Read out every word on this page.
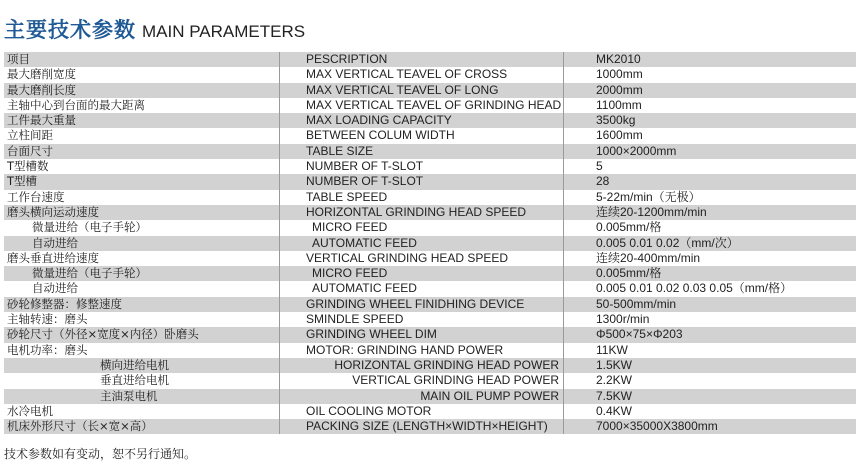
主要技术参数 MAIN PARAMETERS
项目	PESCRIPTION	MK2010
最大磨削宽度	MAX VERTICAL TEAVEL OF CROSS	1000mm
最大磨削长度	MAX VERTICAL TEAVEL OF LONG	2000mm
主轴中心到台面的最大距离	MAX VERTICAL TEAVEL OF GRINDING HEAD	1100mm
工件最大重量	MAX LOADING CAPACITY	3500kg
立柱间距	BETWEEN COLUM WIDTH	1600mm
台面尺寸	TABLE SIZE	1000×2000mm
T型槽数	NUMBER OF T-SLOT	5
T型槽	NUMBER OF T-SLOT	28
工作台速度	TABLE SPEED	5-22m/min（无极）
磨头横向运动速度	HORIZONTAL GRINDING HEAD SPEED	连续20-1200mm/min
微量进给（电子手轮）	MICRO FEED	0.005mm/格
自动进给	AUTOMATIC FEED	0.005 0.01 0.02（mm/次）
磨头垂直进给速度	VERTICAL GRINDING HEAD SPEED	连续20-400mm/min
微量进给（电子手轮）	MICRO FEED	0.005mm/格
自动进给	AUTOMATIC FEED	0.005 0.01 0.02 0.03 0.05（mm/格）
砂轮修整器：修整速度	GRINDING WHEEL FINIDHING DEVICE	50-500mm/min
主轴转速：磨头	SMINDLE SPEED	1300r/min
砂轮尺寸（外径×宽度×内径）卧磨头	GRINDING WHEEL DIM	Φ500×75×Φ203
电机功率：磨头	MOTOR: GRINDING HAND POWER	11KW
横向进给电机	HORIZONTAL GRINDING HEAD POWER	1.5KW
垂直进给电机	VERTICAL GRINDING HEAD POWER	2.2KW
主油泵电机	MAIN OIL PUMP POWER	7.5KW
水冷电机	OIL COOLING MOTOR	0.4KW
机床外形尺寸（长×宽×高）	PACKING SIZE (LENGTH×WIDTH×HEIGHT)	7000×35000X3800mm
技术参数如有变动，恕不另行通知。
